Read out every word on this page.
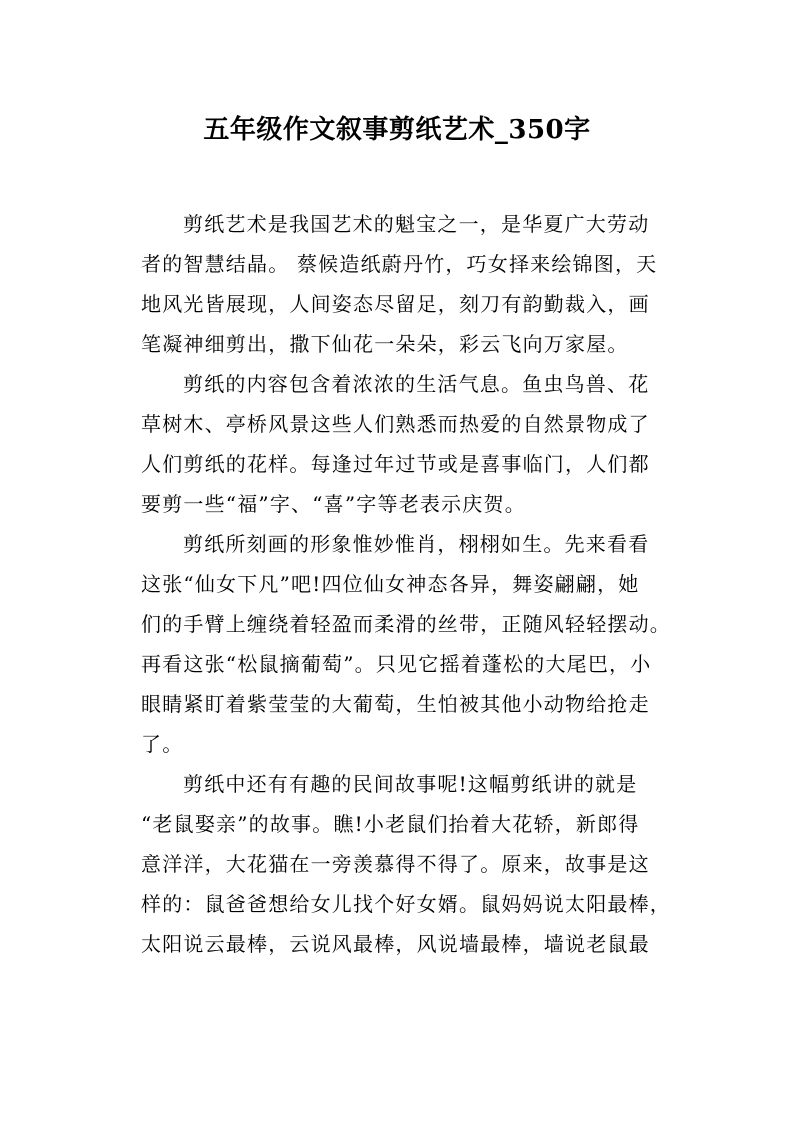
五年级作文叙事剪纸艺术_350字
剪纸艺术是我国艺术的魁宝之一，是华夏广大劳动
者的智慧结晶。 蔡候造纸蔚丹竹，巧女择来绘锦图，天
地风光皆展现，人间姿态尽留足，刻刀有韵勤裁入，画
笔凝神细剪出，撒下仙花一朵朵，彩云飞向万家屋。
剪纸的内容包含着浓浓的生活气息。鱼虫鸟兽、花
草树木、亭桥风景这些人们熟悉而热爱的自然景物成了
人们剪纸的花样。每逢过年过节或是喜事临门，人们都
要剪一些“福”字、“喜”字等老表示庆贺。
剪纸所刻画的形象惟妙惟肖，栩栩如生。先来看看
这张“仙女下凡”吧!四位仙女神态各异，舞姿翩翩，她
们的手臂上缠绕着轻盈而柔滑的丝带，正随风轻轻摆动。
再看这张“松鼠摘葡萄”。只见它摇着蓬松的大尾巴，小
眼睛紧盯着紫莹莹的大葡萄，生怕被其他小动物给抢走
了。
剪纸中还有有趣的民间故事呢!这幅剪纸讲的就是
“老鼠娶亲”的故事。瞧!小老鼠们抬着大花轿，新郎得
意洋洋，大花猫在一旁羡慕得不得了。原来，故事是这
样的：鼠爸爸想给女儿找个好女婿。鼠妈妈说太阳最棒，
太阳说云最棒，云说风最棒，风说墙最棒，墙说老鼠最
